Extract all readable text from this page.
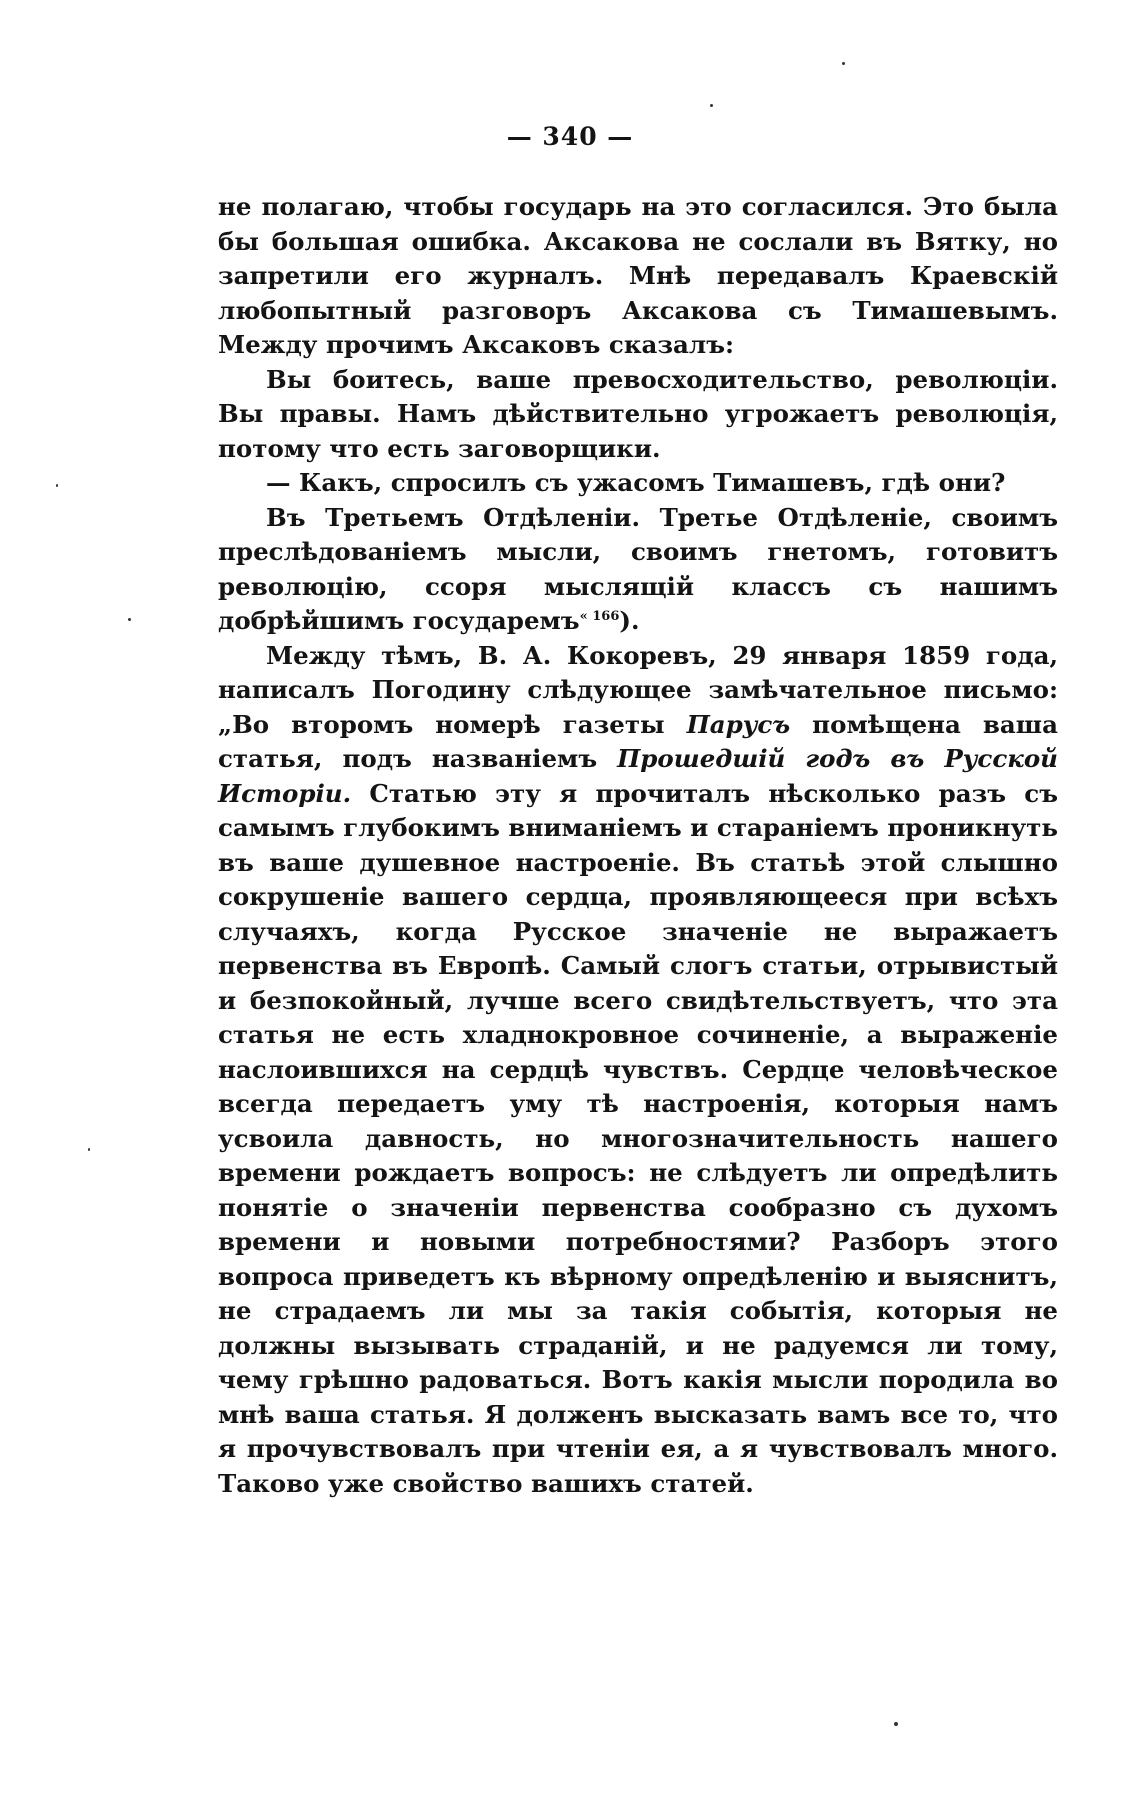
— 340 —

не полагаю, чтобы государь на это согласился. Это была бы большая ошибка. Аксакова не сослали въ Вятку, но запретили его журналъ. Мнѣ передавалъ Краевскій любопытный разговоръ Аксакова съ Тимашевымъ. Между прочимъ Аксаковъ сказалъ:

Вы боитесь, ваше превосходительство, революціи. Вы правы. Намъ дѣйствительно угрожаетъ революція, потому что есть заговорщики.

— Какъ, спросилъ съ ужасомъ Тимашевъ, гдѣ они?

Въ Третьемъ Отдѣленіи. Третье Отдѣленіе, своимъ преслѣдованіемъ мысли, своимъ гнетомъ, готовитъ революцію, ссоря мыслящій классъ съ нашимъ добрѣйшимъ государемъ$^{« 166}$).

Между тѣмъ, В. А. Кокоревъ, 29 января 1859 года, написалъ Погодину слѣдующее замѣчательное письмо: „Во второмъ номерѣ газеты Парусъ помѣщена ваша статья, подъ названіемъ Прошедшій годъ въ Русской Исторіи. Статью эту я прочиталъ нѣсколько разъ съ самымъ глубокимъ вниманіемъ и стараніемъ проникнуть въ ваше душевное настроеніе. Въ статьѣ этой слышно сокрушеніе вашего сердца, проявляющееся при всѣхъ случаяхъ, когда Русское значеніе не выражаетъ первенства въ Европѣ. Самый слогъ статьи, отрывистый и безпокойный, лучше всего свидѣтельствуетъ, что эта статья не есть хладнокровное сочиненіе, а выраженіе наслоившихся на сердцѣ чувствъ. Сердце человѣческое всегда передаетъ уму тѣ настроенія, которыя намъ усвоила давность, но многозначительность нашего времени рождаетъ вопросъ: не слѣдуетъ ли опредѣлить понятіе о значеніи первенства сообразно съ духомъ времени и новыми потребностями? Разборъ этого вопроса приведетъ къ вѣрному опредѣленію и выяснитъ, не страдаемъ ли мы за такія событія, которыя не должны вызывать страданій, и не радуемся ли тому, чему грѣшно радоваться. Вотъ какія мысли породила во мнѣ ваша статья. Я долженъ высказать вамъ все то, что я прочувствовалъ при чтеніи ея, а я чувствовалъ много. Таково уже свойство вашихъ статей.
